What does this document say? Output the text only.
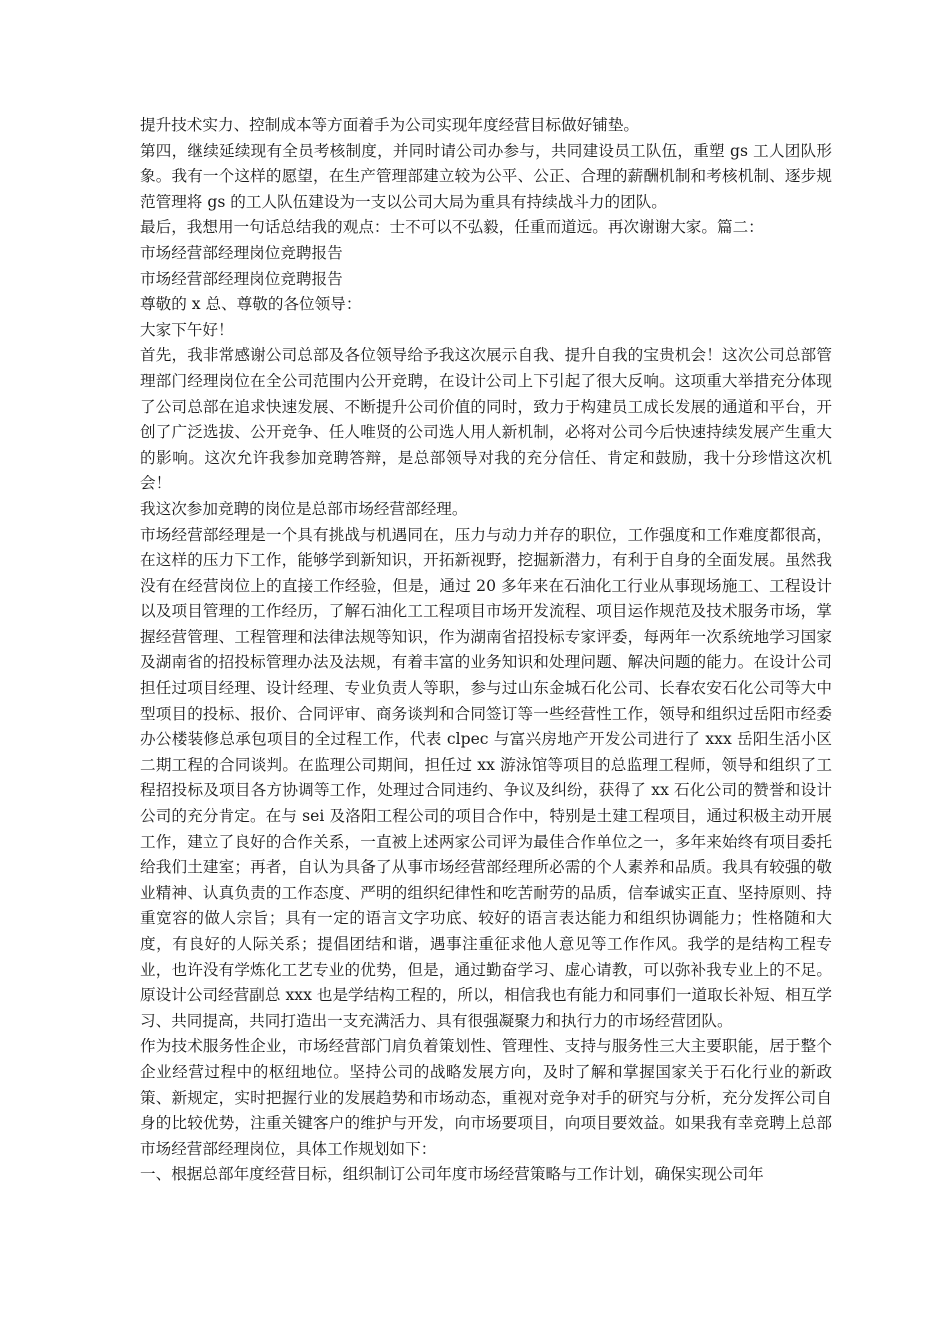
提升技术实力、控制成本等方面着手为公司实现年度经营目标做好铺垫。

第四，继续延续现有全员考核制度，并同时请公司办参与，共同建设员工队伍，重塑 gs 工人团队形象。我有一个这样的愿望，在生产管理部建立较为公平、公正、合理的薪酬机制和考核机制、逐步规范管理将 gs 的工人队伍建设为一支以公司大局为重具有持续战斗力的团队。

最后，我想用一句话总结我的观点：士不可以不弘毅，任重而道远。再次谢谢大家。篇二：

市场经营部经理岗位竞聘报告

市场经营部经理岗位竞聘报告

尊敬的 x 总、尊敬的各位领导：

大家下午好！

首先，我非常感谢公司总部及各位领导给予我这次展示自我、提升自我的宝贵机会！这次公司总部管理部门经理岗位在全公司范围内公开竞聘，在设计公司上下引起了很大反响。这项重大举措充分体现了公司总部在追求快速发展、不断提升公司价值的同时，致力于构建员工成长发展的通道和平台，开创了广泛选拔、公开竞争、任人唯贤的公司选人用人新机制，必将对公司今后快速持续发展产生重大的影响。这次允许我参加竞聘答辩，是总部领导对我的充分信任、肯定和鼓励，我十分珍惜这次机会！

我这次参加竞聘的岗位是总部市场经营部经理。

市场经营部经理是一个具有挑战与机遇同在，压力与动力并存的职位，工作强度和工作难度都很高，在这样的压力下工作，能够学到新知识，开拓新视野，挖掘新潜力，有利于自身的全面发展。虽然我没有在经营岗位上的直接工作经验，但是，通过 20 多年来在石油化工行业从事现场施工、工程设计以及项目管理的工作经历，了解石油化工工程项目市场开发流程、项目运作规范及技术服务市场，掌握经营管理、工程管理和法律法规等知识，作为湖南省招投标专家评委，每两年一次系统地学习国家及湖南省的招投标管理办法及法规，有着丰富的业务知识和处理问题、解决问题的能力。在设计公司担任过项目经理、设计经理、专业负责人等职，参与过山东金城石化公司、长春农安石化公司等大中型项目的投标、报价、合同评审、商务谈判和合同签订等一些经营性工作，领导和组织过岳阳市经委办公楼装修总承包项目的全过程工作，代表 clpec 与富兴房地产开发公司进行了 xxx 岳阳生活小区二期工程的合同谈判。在监理公司期间，担任过 xx 游泳馆等项目的总监理工程师，领导和组织了工程招投标及项目各方协调等工作，处理过合同违约、争议及纠纷，获得了 xx 石化公司的赞誉和设计公司的充分肯定。在与 sei 及洛阳工程公司的项目合作中，特别是土建工程项目，通过积极主动开展工作，建立了良好的合作关系，一直被上述两家公司评为最佳合作单位之一，多年来始终有项目委托给我们土建室；再者，自认为具备了从事市场经营部经理所必需的个人素养和品质。我具有较强的敬业精神、认真负责的工作态度、严明的组织纪律性和吃苦耐劳的品质，信奉诚实正直、坚持原则、持重宽容的做人宗旨；具有一定的语言文字功底、较好的语言表达能力和组织协调能力；性格随和大度，有良好的人际关系；提倡团结和谐，遇事注重征求他人意见等工作作风。我学的是结构工程专业，也许没有学炼化工艺专业的优势，但是，通过勤奋学习、虚心请教，可以弥补我专业上的不足。原设计公司经营副总 xxx 也是学结构工程的，所以，相信我也有能力和同事们一道取长补短、相互学习、共同提高，共同打造出一支充满活力、具有很强凝聚力和执行力的市场经营团队。

作为技术服务性企业，市场经营部门肩负着策划性、管理性、支持与服务性三大主要职能，居于整个企业经营过程中的枢纽地位。坚持公司的战略发展方向，及时了解和掌握国家关于石化行业的新政策、新规定，实时把握行业的发展趋势和市场动态，重视对竞争对手的研究与分析，充分发挥公司自身的比较优势，注重关键客户的维护与开发，向市场要项目，向项目要效益。如果我有幸竞聘上总部市场经营部经理岗位，具体工作规划如下：

一、根据总部年度经营目标，组织制订公司年度市场经营策略与工作计划，确保实现公司年
